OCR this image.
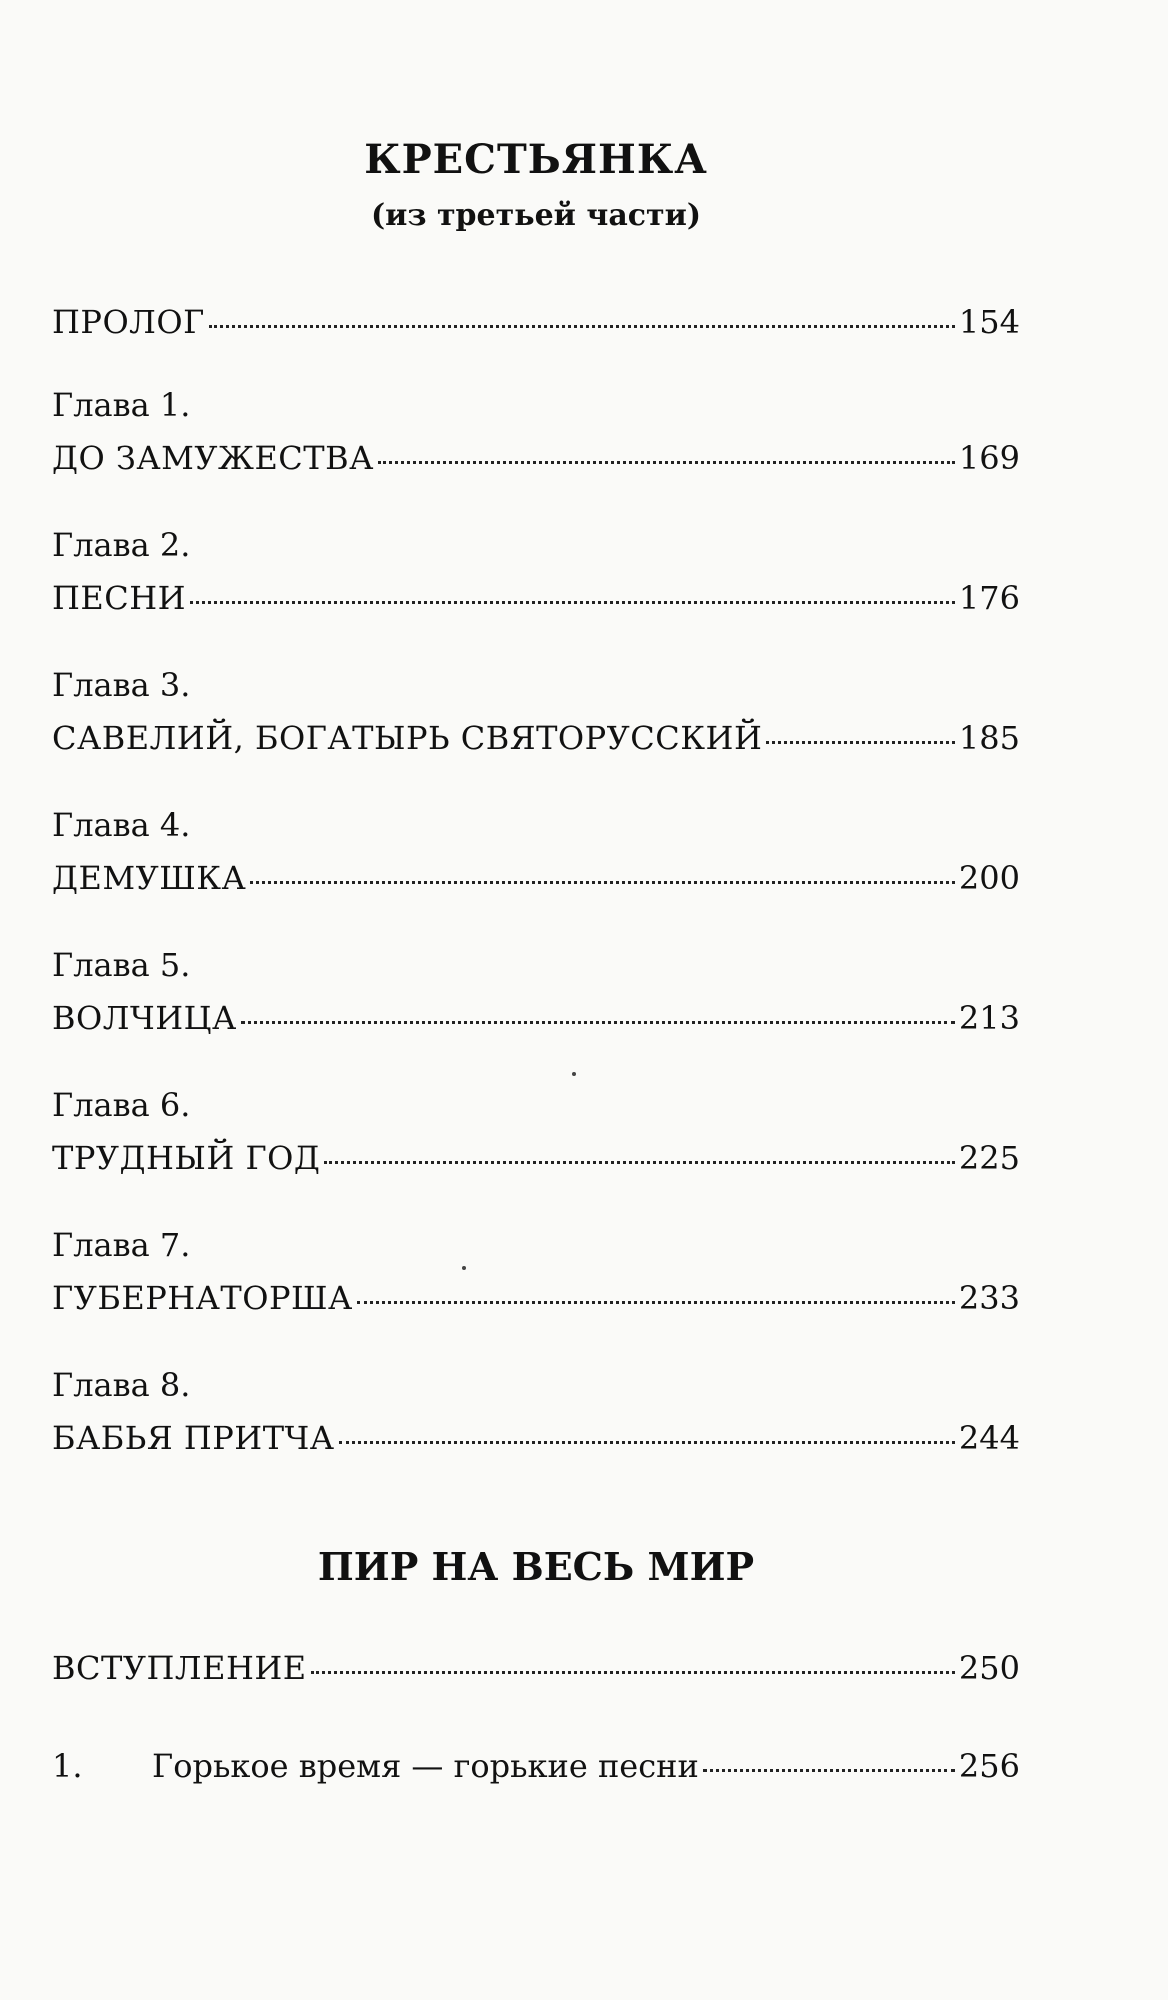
КРЕСТЬЯНКА
(из третьей части)
ПРОЛОГ	154
Глава 1.
ДО ЗАМУЖЕСТВА	169
Глава 2.
ПЕСНИ	176
Глава 3.
САВЕЛИЙ, БОГАТЫРЬ СВЯТОРУССКИЙ	185
Глава 4.
ДЕМУШКА	200
Глава 5.
ВОЛЧИЦА	213
Глава 6.
ТРУДНЫЙ ГОД	225
Глава 7.
ГУБЕРНАТОРША	233
Глава 8.
БАБЬЯ ПРИТЧА	244
ПИР НА ВЕСЬ МИР
ВСТУПЛЕНИЕ	250
1.	Горькое время — горькие песни	256
